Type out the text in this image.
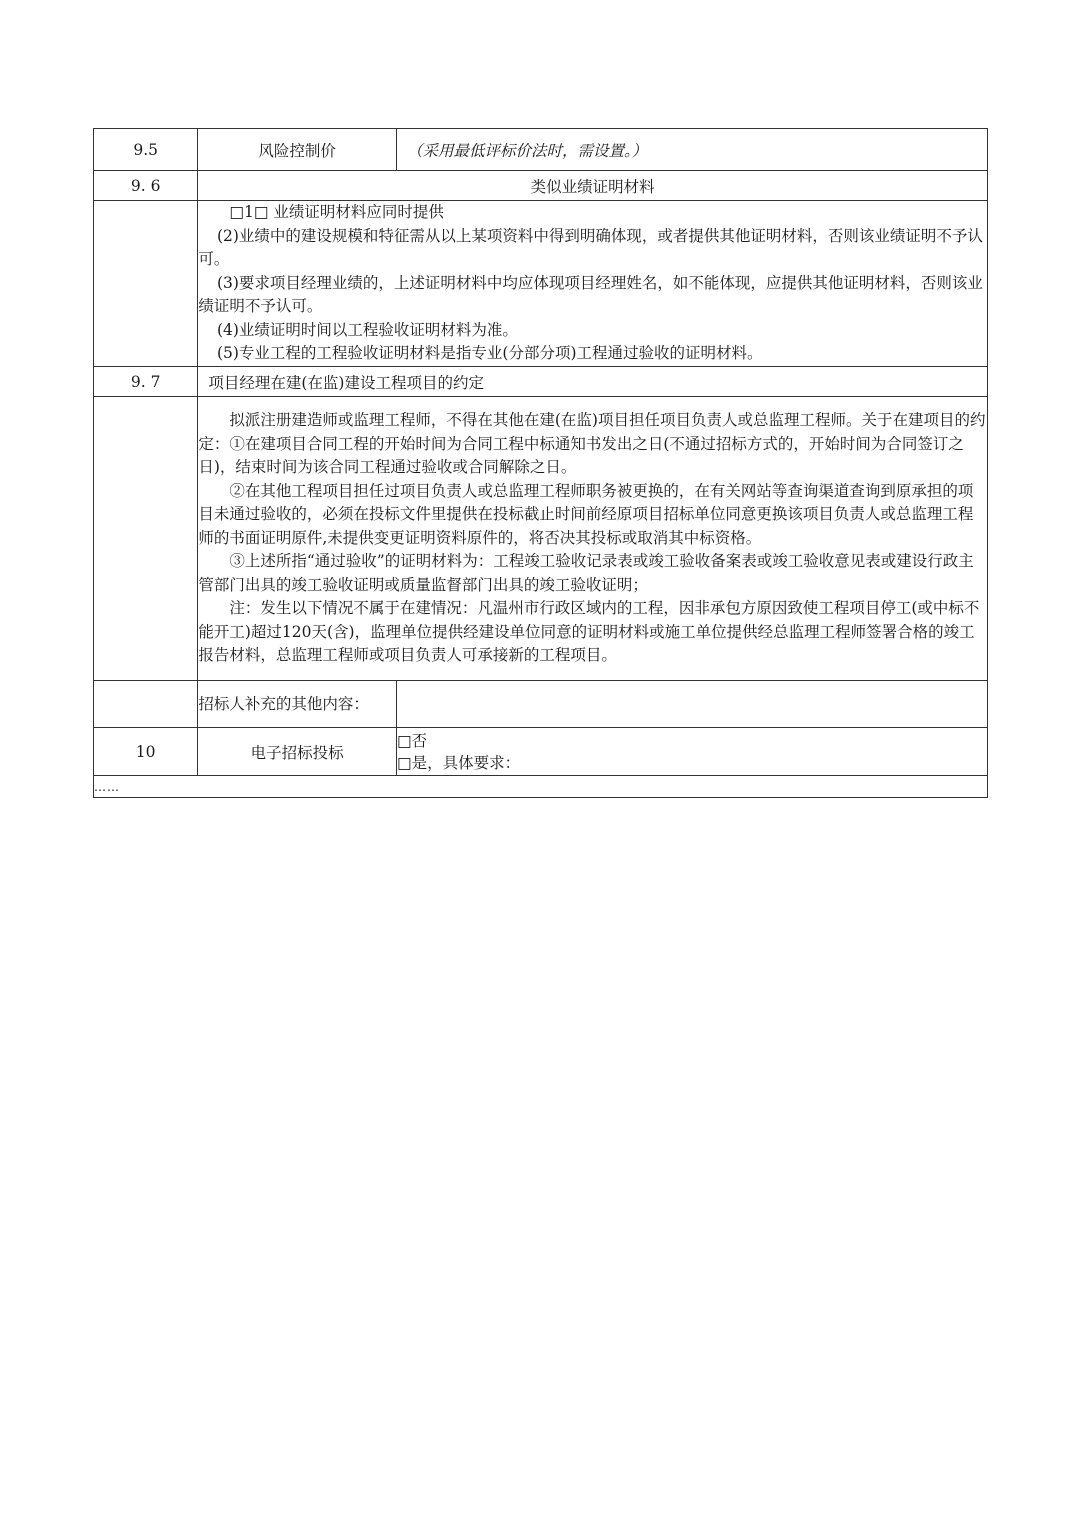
9.5	风险控制价	（采用最低评标价法时，需设置。）
9. 6	类似业绩证明材料	

	□1□ 业绩证明材料应同时提供

(2)业绩中的建设规模和特征需从以上某项资料中得到明确体现，或者提供其他证明材料，否则该业绩证明不予认可。

(3)要求项目经理业绩的，上述证明材料中均应体现项目经理姓名，如不能体现，应提供其他证明材料，否则该业绩证明不予认可。

(4)业绩证明时间以工程验收证明材料为准。

(5)专业工程的工程验收证明材料是指专业(分部分项)工程通过验收的证明材料。	

9. 7	项目经理在建(在监)建设工程项目的约定	

	拟派注册建造师或监理工程师，不得在其他在建(在监)项目担任项目负责人或总监理工程师。关于在建项目的约定：①在建项目合同工程的开始时间为合同工程中标通知书发出之日(不通过招标方式的，开始时间为合同签订之日)，结束时间为该合同工程通过验收或合同解除之日。

②在其他工程项目担任过项目负责人或总监理工程师职务被更换的，在有关网站等查询渠道查询到原承担的项目未通过验收的，必须在投标文件里提供在投标截止时间前经原项目招标单位同意更换该项目负责人或总监理工程师的书面证明原件,未提供变更证明资料原件的，将否决其投标或取消其中标资格。

③上述所指“通过验收”的证明材料为：工程竣工验收记录表或竣工验收备案表或竣工验收意见表或建设行政主管部门出具的竣工验收证明或质量监督部门出具的竣工验收证明；

注：发生以下情况不属于在建情况：凡温州市行政区域内的工程，因非承包方原因致使工程项目停工(或中标不能开工)超过120天(含)，监理单位提供经建设单位同意的证明材料或施工单位提供经总监理工程师签署合格的竣工报告材料，总监理工程师或项目负责人可承接新的工程项目。	

	招标人补充的其他内容：	
10	电子招标投标	□否
□是，具体要求：

……		
